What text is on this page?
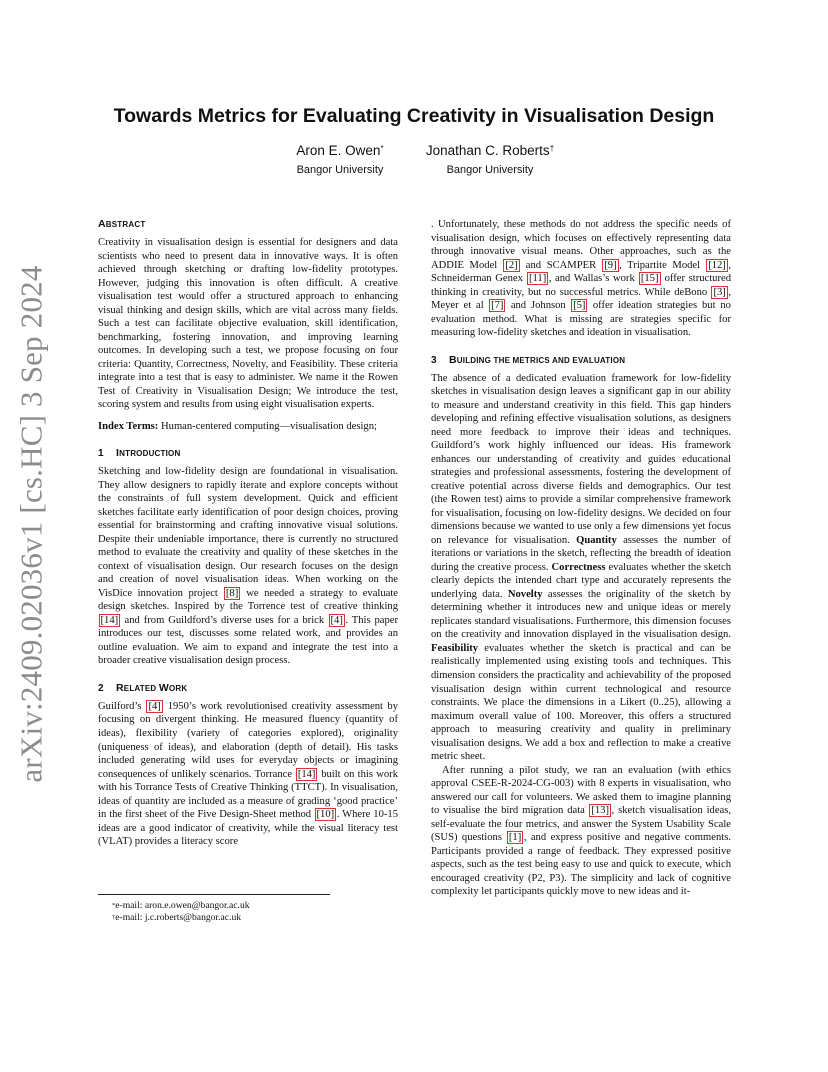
arXiv:2409.02036v1 [cs.HC] 3 Sep 2024
Towards Metrics for Evaluating Creativity in Visualisation Design
Aron E. Owen*
Bangor University
Jonathan C. Roberts†
Bangor University
ABSTRACT

Creativity in visualisation design is essential for designers and data scientists who need to present data in innovative ways. It is often achieved through sketching or drafting low-fidelity prototypes. However, judging this innovation is often difficult. A creative visualisation test would offer a structured approach to enhancing visual thinking and design skills, which are vital across many fields. Such a test can facilitate objective evaluation, skill identification, benchmarking, fostering innovation, and improving learning outcomes. In developing such a test, we propose focusing on four criteria: Quantity, Correctness, Novelty, and Feasibility. These criteria integrate into a test that is easy to administer. We name it the Rowen Test of Creativity in Visualisation Design; We introduce the test, scoring system and results from using eight visualisation experts.

Index Terms: Human-centered computing—visualisation design;

1 INTRODUCTION

Sketching and low-fidelity design are foundational in visualisation. They allow designers to rapidly iterate and explore concepts without the constraints of full system development. Quick and efficient sketches facilitate early identification of poor design choices, proving essential for brainstorming and crafting innovative visual solutions. Despite their undeniable importance, there is currently no structured method to evaluate the creativity and quality of these sketches in the context of visualisation design. Our research focuses on the design and creation of novel visualisation ideas. When working on the VisDice innovation project [8] we needed a strategy to evaluate design sketches. Inspired by the Torrence test of creative thinking [14] and from Guildford’s diverse uses for a brick [4] . This paper introduces our test, discusses some related work, and provides an outline evaluation. We aim to expand and integrate the test into a broader creative visualisation design process.

2 RELATED WORK

Guilford’s [4] 1950’s work revolutionised creativity assessment by focusing on divergent thinking. He measured fluency (quantity of ideas), flexibility (variety of categories explored), originality (uniqueness of ideas), and elaboration (depth of detail). His tasks included generating wild uses for everyday objects or imagining consequences of unlikely scenarios. Torrance [14] built on this work with his Torrance Tests of Creative Thinking (TTCT). In visualisation, ideas of quantity are included as a measure of grading ‘good practice’ in the first sheet of the Five Design-Sheet method [10] . Where 10-15 ideas are a good indicator of creativity, while the visual literacy test (VLAT) provides a literacy score

*e-mail: aron.e.owen@bangor.ac.uk
†e-mail: j.c.roberts@bangor.ac.uk

. Unfortunately, these methods do not address the specific needs of visualisation design, which focuses on effectively representing data through innovative visual means. Other approaches, such as the ADDIE Model [2] and SCAMPER [9] , Tripartite Model [12] , Schneiderman Genex [11] , and Wallas’s work [15] offer structured thinking in creativity, but no successful metrics. While deBono [3] , Meyer et al [7] and Johnson [5] offer ideation strategies but no evaluation method. What is missing are strategies specific for measuring low-fidelity sketches and ideation in visualisation.

3 BUILDING THE METRICS AND EVALUATION

The absence of a dedicated evaluation framework for low-fidelity sketches in visualisation design leaves a significant gap in our ability to measure and understand creativity in this field. This gap hinders developing and refining effective visualisation solutions, as designers need more feedback to improve their ideas and techniques. Guildford’s work highly influenced our ideas. His framework enhances our understanding of creativity and guides educational strategies and professional assessments, fostering the development of creative potential across diverse fields and demographics. Our test (the Rowen test) aims to provide a similar comprehensive framework for visualisation, focusing on low-fidelity designs. We decided on four dimensions because we wanted to use only a few dimensions yet focus on relevance for visualisation. Quantity assesses the number of iterations or variations in the sketch, reflecting the breadth of ideation during the creative process. Correctness evaluates whether the sketch clearly depicts the intended chart type and accurately represents the underlying data. Novelty assesses the originality of the sketch by determining whether it introduces new and unique ideas or merely replicates standard visualisations. Furthermore, this dimension focuses on the creativity and innovation displayed in the visualisation design. Feasibility evaluates whether the sketch is practical and can be realistically implemented using existing tools and techniques. This dimension considers the practicality and achievability of the proposed visualisation design within current technological and resource constraints. We place the dimensions in a Likert (0..25), allowing a maximum overall value of 100. Moreover, this offers a structured approach to measuring creativity and quality in preliminary visualisation designs. We add a box and reflection to make a creative metric sheet.

After running a pilot study, we ran an evaluation (with ethics approval CSEE-R-2024-CG-003) with 8 experts in visualisation, who answered our call for volunteers. We asked them to imagine planning to visualise the bird migration data [13] , sketch visualisation ideas, self-evaluate the four metrics, and answer the System Usability Scale (SUS) questions [1] , and express positive and negative comments. Participants provided a range of feedback. They expressed positive aspects, such as the test being easy to use and quick to execute, which encouraged creativity (P2, P3). The simplicity and lack of cognitive complexity let participants quickly move to new ideas and it-
